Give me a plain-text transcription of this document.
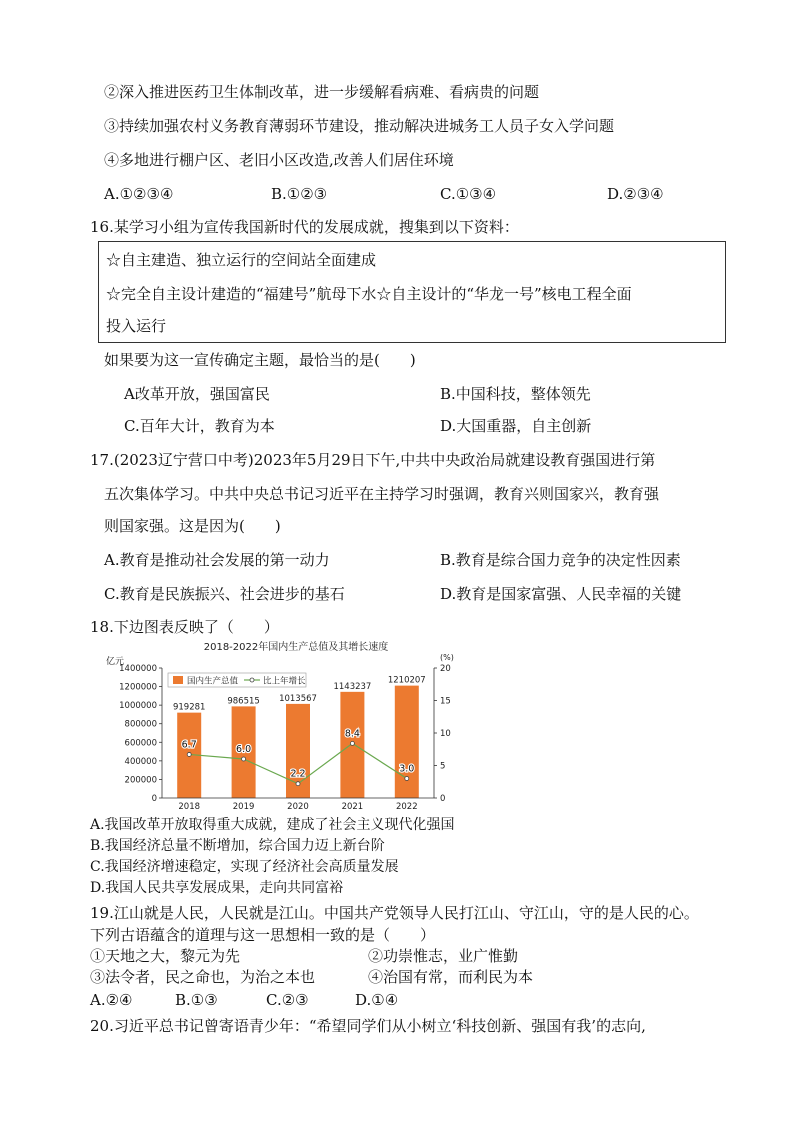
②深入推进医药卫生体制改革，进一步缓解看病难、看病贵的问题
③持续加强农村义务教育薄弱环节建设，推动解决进城务工人员子女入学问题
④多地进行棚户区、老旧小区改造,改善人们居住环境
A.①②③④	B.①②③	C.①③④	D.②③④
16.某学习小组为宣传我国新时代的发展成就，搜集到以下资料：
☆自主建造、独立运行的空间站全面建成
☆完全自主设计建造的“福建号”航母下水☆自主设计的“华龙一号”核电工程全面
投入运行
如果要为这一宣传确定主题，最恰当的是(　　)
A改革开放，强国富民	B.中国科技，整体领先
C.百年大计，教育为本	D.大国重器，自主创新
17.(2023辽宁营口中考)2023年5月29日下午,中共中央政治局就建设教育强国进行第
五次集体学习。中共中央总书记习近平在主持学习时强调，教育兴则国家兴，教育强
则国家强。这是因为(　　)
A.教育是推动社会发展的第一动力	B.教育是综合国力竞争的决定性因素
C.教育是民族振兴、社会进步的基石	D.教育是国家富强、人民幸福的关键
18.下边图表反映了（　　）
2018-2022年国内生产总值及其增长速度
亿元	(%)
919281
986515 1013567
1143237
1210207
6.7	6.0
2.2
8.4
3.0
0
200000
400000
600000
800000
1000000
1200000
1400000
0
5
10
15
20
2018	2019	2020	2021	2022
国内生产总值	比上年增长
A.我国改革开放取得重大成就，建成了社会主义现代化强国
B.我国经济总量不断增加，综合国力迈上新台阶
C.我国经济增速稳定，实现了经济社会高质量发展
D.我国人民共享发展成果，走向共同富裕
19.江山就是人民，人民就是江山。中国共产党领导人民打江山、守江山，守的是人民的心。
下列古语蕴含的道理与这一思想相一致的是（　　）
①天地之大，黎元为先	②功崇惟志，业广惟勤
③法令者，民之命也，为治之本也	④治国有常，而利民为本
A.②④	B.①③	C.②③	D.①④
20.习近平总书记曾寄语青少年：“希望同学们从小树立‘科技创新、强国有我’的志向,
